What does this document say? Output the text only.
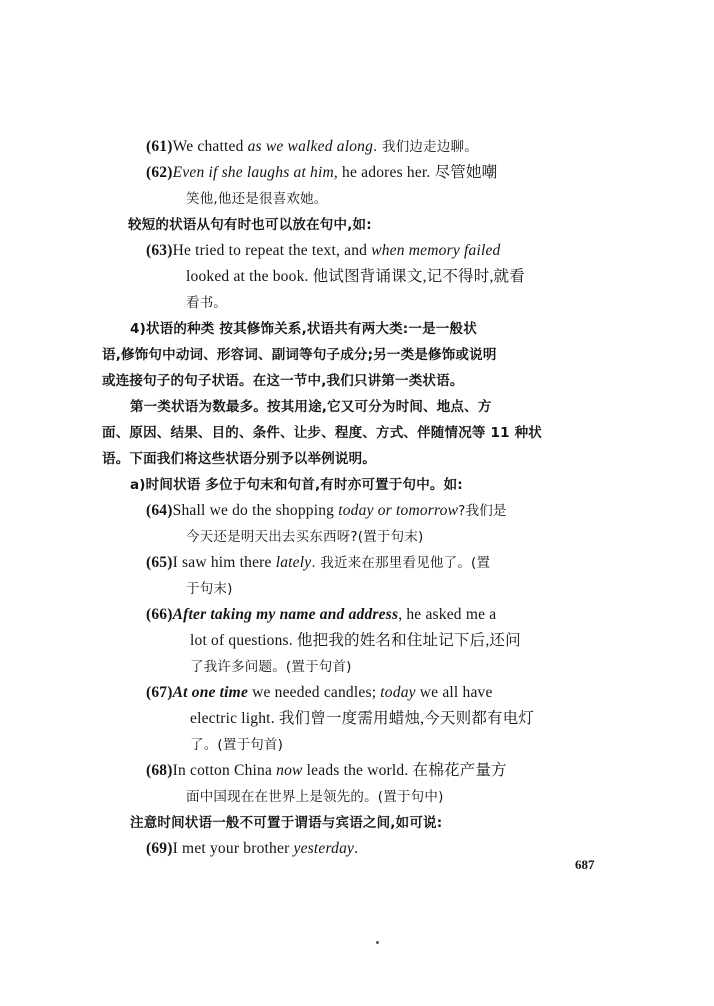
(61)We chatted as we walked along. 我们边走边聊。
(62)Even if she laughs at him, he adores her. 尽管她嘲
笑他,他还是很喜欢她。
较短的状语从句有时也可以放在句中,如:
(63)He tried to repeat the text, and when memory failed
looked at the book. 他试图背诵课文,记不得时,就看
看书。
4)状语的种类 按其修饰关系,状语共有两大类:一是一般状
语,修饰句中动词、形容词、副词等句子成分;另一类是修饰或说明
或连接句子的句子状语。在这一节中,我们只讲第一类状语。
第一类状语为数最多。按其用途,它又可分为时间、地点、方
面、原因、结果、目的、条件、让步、程度、方式、伴随情况等 11 种状
语。下面我们将这些状语分别予以举例说明。
a)时间状语 多位于句末和句首,有时亦可置于句中。如:
(64)Shall we do the shopping today or tomorrow?我们是
今天还是明天出去买东西呀?(置于句末)
(65)I saw him there lately. 我近来在那里看见他了。(置
于句末)
(66)After taking my name and address, he asked me a
lot of questions. 他把我的姓名和住址记下后,还问
了我许多问题。(置于句首)
(67)At one time we needed candles; today we all have
electric light. 我们曾一度需用蜡烛,今天则都有电灯
了。(置于句首)
(68)In cotton China now leads the world. 在棉花产量方
面中国现在在世界上是领先的。(置于句中)
注意时间状语一般不可置于谓语与宾语之间,如可说:
(69)I met your brother yesterday.
687
